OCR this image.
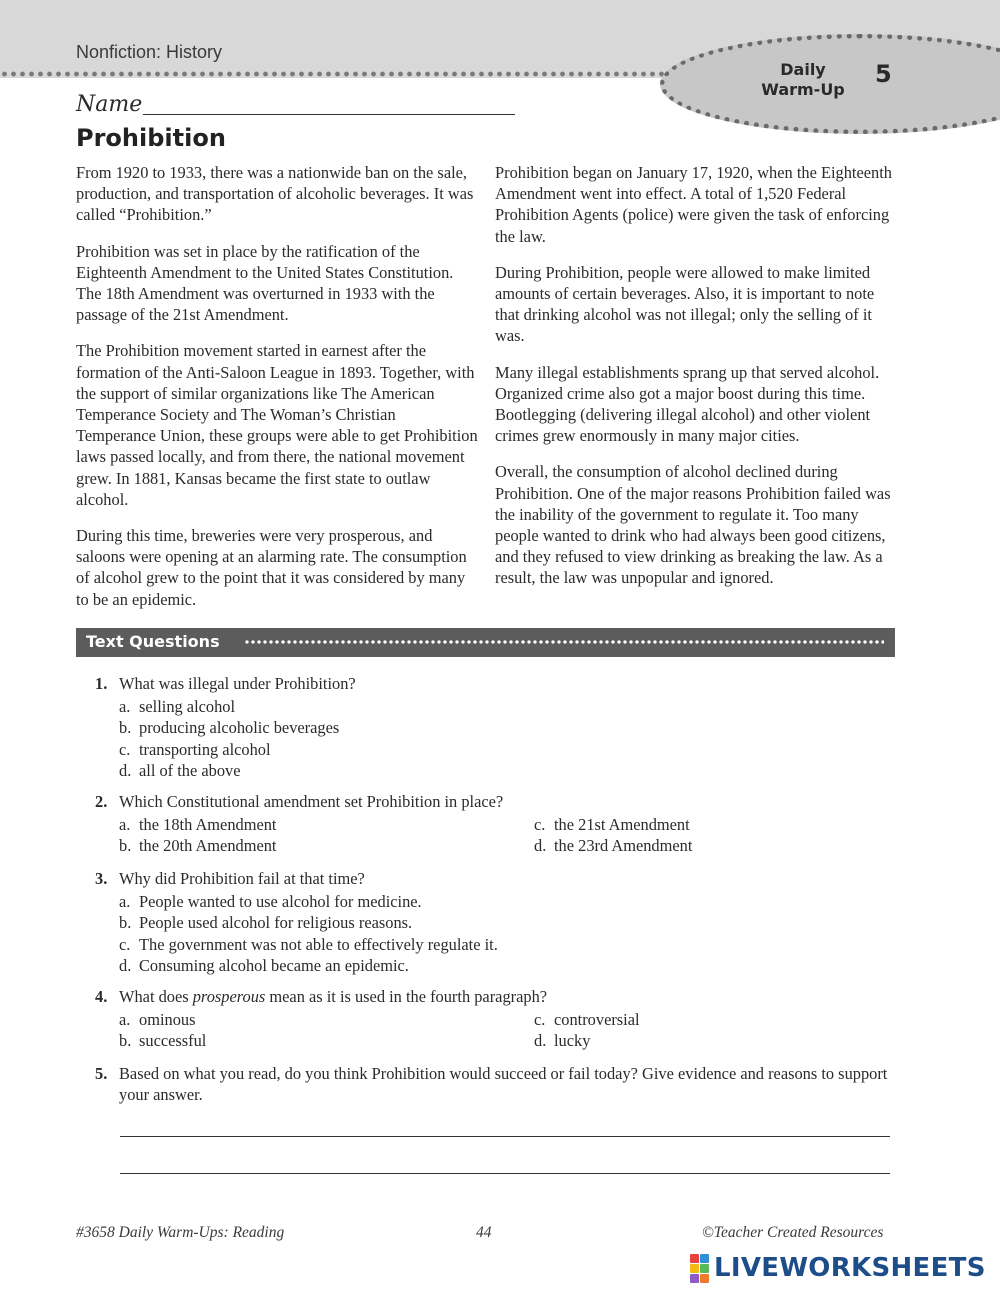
Nonfiction: History
Daily Warm-Up
5
Name
Prohibition

From 1920 to 1933, there was a nationwide ban on the sale, production, and transportation of alcoholic beverages. It was called “Prohibition.”

Prohibition was set in place by the ratification of the Eighteenth Amendment to the United States Constitution. The 18th Amendment was overturned in 1933 with the passage of the 21st Amendment.

The Prohibition movement started in earnest after the formation of the Anti-Saloon League in 1893. Together, with the support of similar organizations like The American Temperance Society and The Woman’s Christian Temperance Union, these groups were able to get Prohibition laws passed locally, and from there, the national movement grew. In 1881, Kansas became the first state to outlaw alcohol.

During this time, breweries were very prosperous, and saloons were opening at an alarming rate. The consumption of alcohol grew to the point that it was considered by many to be an epidemic.

Prohibition began on January 17, 1920, when the Eighteenth Amendment went into effect. A total of 1,520 Federal Prohibition Agents (police) were given the task of enforcing the law.

During Prohibition, people were allowed to make limited amounts of certain beverages. Also, it is important to note that drinking alcohol was not illegal; only the selling of it was.

Many illegal establishments sprang up that served alcohol. Organized crime also got a major boost during this time. Bootlegging (delivering illegal alcohol) and other violent crimes grew enormously in many major cities.

Overall, the consumption of alcohol declined during Prohibition. One of the major reasons Prohibition failed was the inability of the government to regulate it. Too many people wanted to drink who had always been good citizens, and they refused to view drinking as breaking the law. As a result, the law was unpopular and ignored.

Text Questions
1. What was illegal under Prohibition?
a. selling alcohol
b. producing alcoholic beverages
c. transporting alcohol
d. all of the above
2. Which Constitutional amendment set Prohibition in place?
a. the 18th Amendment	c. the 21st Amendment
b. the 20th Amendment	d. the 23rd Amendment
3. Why did Prohibition fail at that time?
a. People wanted to use alcohol for medicine.
b. People used alcohol for religious reasons.
c. The government was not able to effectively regulate it.
d. Consuming alcohol became an epidemic.
4. What does prosperous mean as it is used in the fourth paragraph?
a. ominous	c. controversial
b. successful	d. lucky
5. Based on what you read, do you think Prohibition would succeed or fail today? Give evidence and reasons to support your answer.
#3658 Daily Warm-Ups: Reading	44	©Teacher Created Resources
LIVEWORKSHEETS
